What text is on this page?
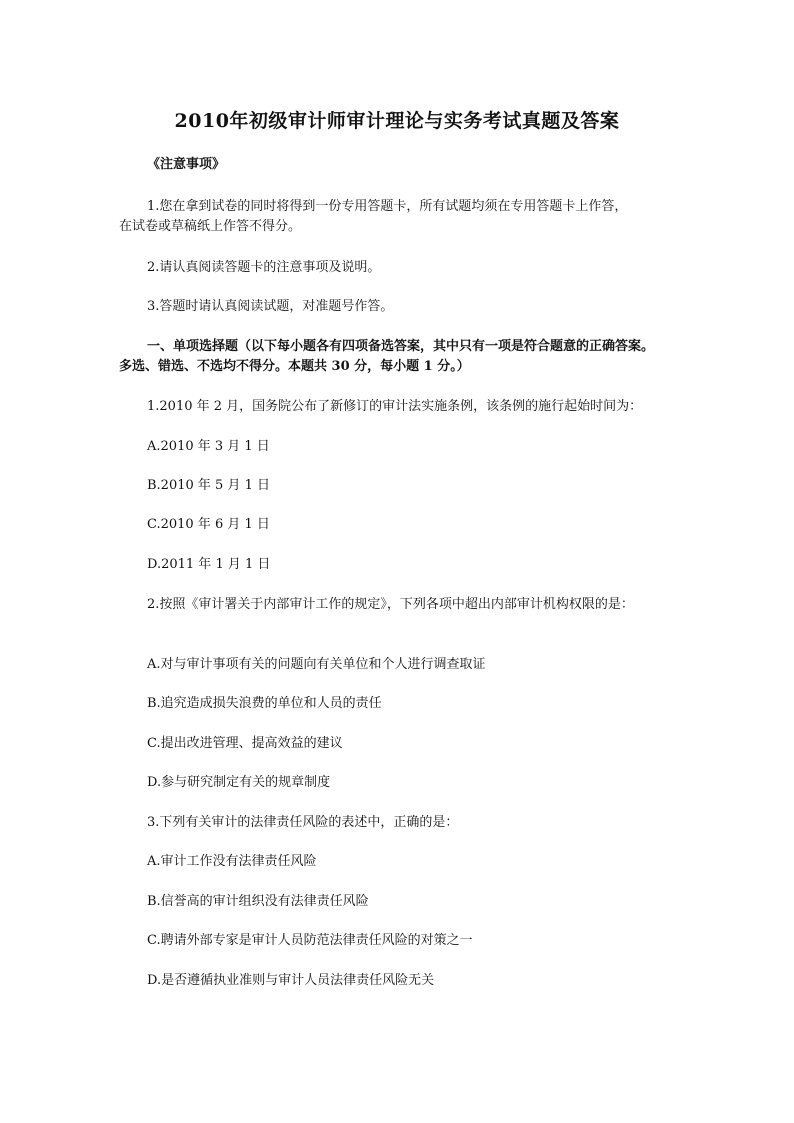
2010年初级审计师审计理论与实务考试真题及答案
《注意事项》
1.您在拿到试卷的同时将得到一份专用答题卡，所有试题均须在专用答题卡上作答，
在试卷或草稿纸上作答不得分。
2.请认真阅读答题卡的注意事项及说明。
3.答题时请认真阅读试题，对准题号作答。
一、单项选择题（以下每小题各有四项备选答案，其中只有一项是符合题意的正确答案。
多选、错选、不选均不得分。本题共 30 分，每小题 1 分。）
1.2010 年 2 月，国务院公布了新修订的审计法实施条例，该条例的施行起始时间为：
A.2010 年 3 月 1 日
B.2010 年 5 月 1 日
C.2010 年 6 月 1 日
D.2011 年 1 月 1 日
2.按照《审计署关于内部审计工作的规定》，下列各项中超出内部审计机构权限的是：
A.对与审计事项有关的问题向有关单位和个人进行调查取证
B.追究造成损失浪费的单位和人员的责任
C.提出改进管理、提高效益的建议
D.参与研究制定有关的规章制度
3.下列有关审计的法律责任风险的表述中，正确的是：
A.审计工作没有法律责任风险
B.信誉高的审计组织没有法律责任风险
C.聘请外部专家是审计人员防范法律责任风险的对策之一
D.是否遵循执业准则与审计人员法律责任风险无关
